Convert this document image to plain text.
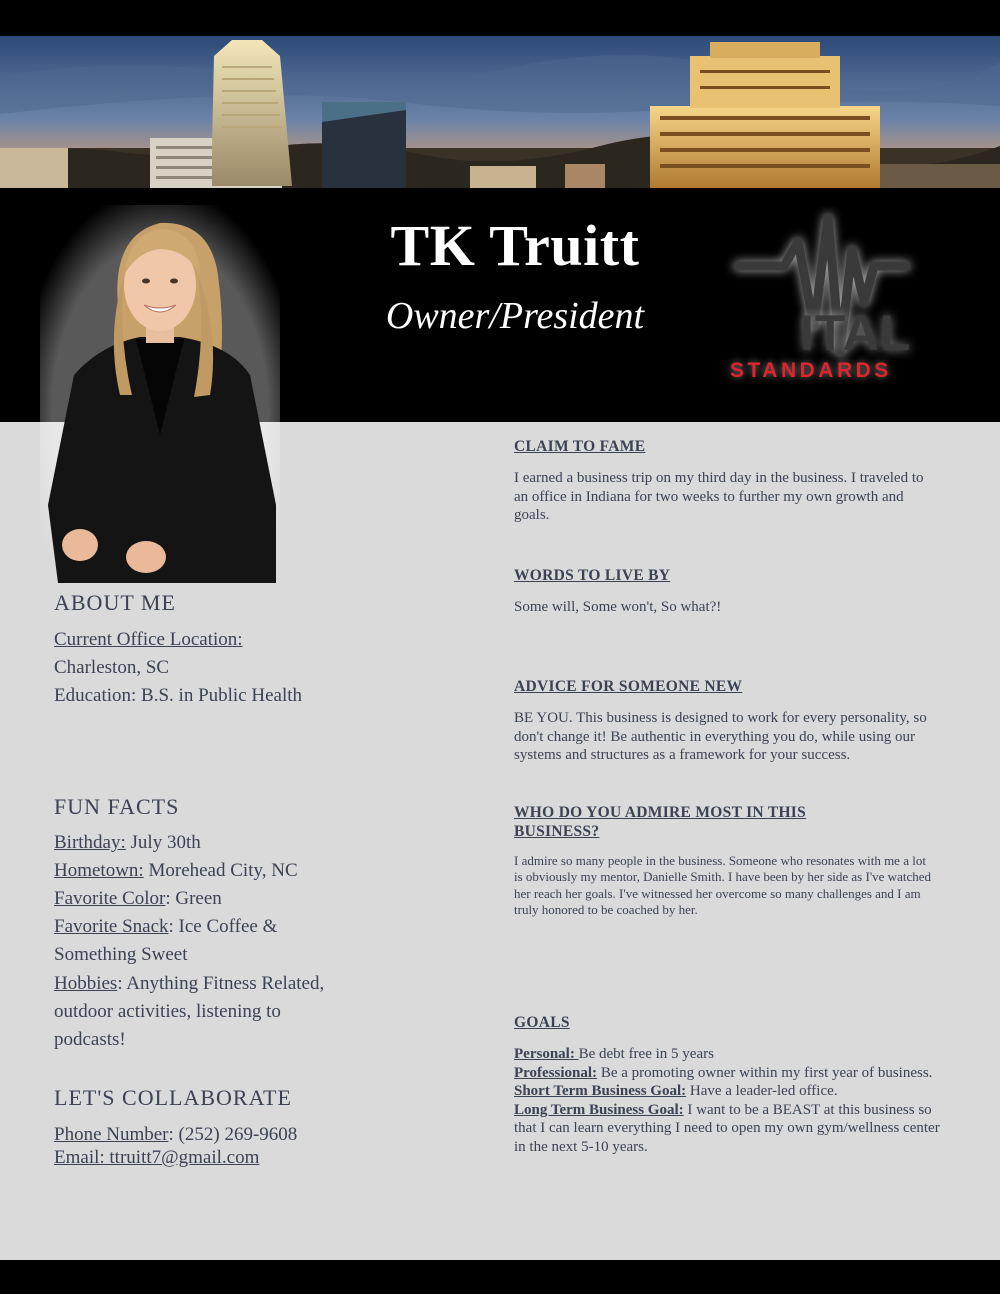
TK Truitt
Owner/President	ITAL
STANDARDS
ABOUT ME
Current Office Location:
Charleston, SC
Education: B.S. in Public Health
FUN FACTS
Birthday: July 30th
Hometown: Morehead City, NC
Favorite Color: Green
Favorite Snack: Ice Coffee &
Something Sweet
Hobbies: Anything Fitness Related,
outdoor activities, listening to
podcasts!
LET'S COLLABORATE
Phone Number: (252) 269-9608
Email: ttruitt7@gmail.com
CLAIM TO FAME
I earned a business trip on my third day in the business. I traveled to an office in Indiana for two weeks to further my own growth and goals.
WORDS TO LIVE BY
Some will, Some won't, So what?!
ADVICE FOR SOMEONE NEW
BE YOU. This business is designed to work for every personality, so don't change it! Be authentic in everything you do, while using our systems and structures as a framework for your success.
WHO DO YOU ADMIRE MOST IN THIS
BUSINESS?
I admire so many people in the business. Someone who resonates with me a lot is obviously my mentor, Danielle Smith. I have been by her side as I've watched her reach her goals. I've witnessed her overcome so many challenges and I am truly honored to be coached by her.
GOALS
Personal: Be debt free in 5 years
Professional: Be a promoting owner within my first year of business.
Short Term Business Goal: Have a leader-led office.
Long Term Business Goal: I want to be a BEAST at this business so that I can learn everything I need to open my own gym/wellness center in the next 5-10 years.
